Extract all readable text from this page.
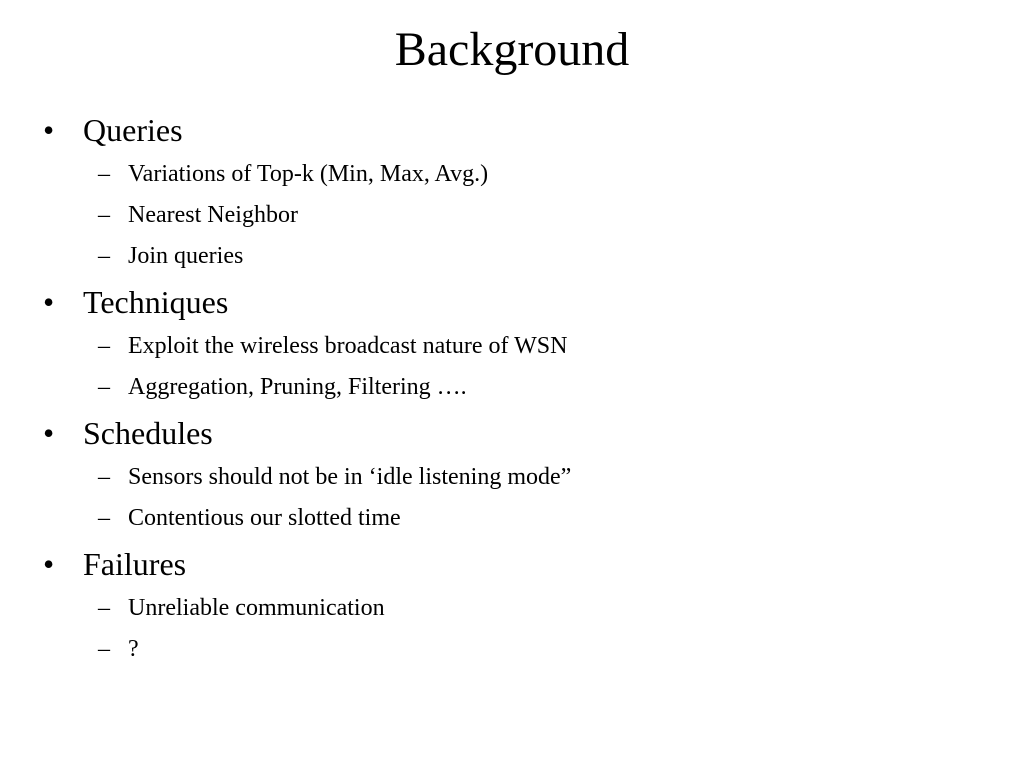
Background
• Queries
– Variations of Top-k (Min, Max, Avg.)
– Nearest Neighbor
– Join queries
• Techniques
– Exploit the wireless broadcast nature of WSN
– Aggregation, Pruning, Filtering ….
• Schedules
– Sensors should not be in ‘idle listening mode”
– Contentious our slotted time
• Failures
– Unreliable communication
– ?
